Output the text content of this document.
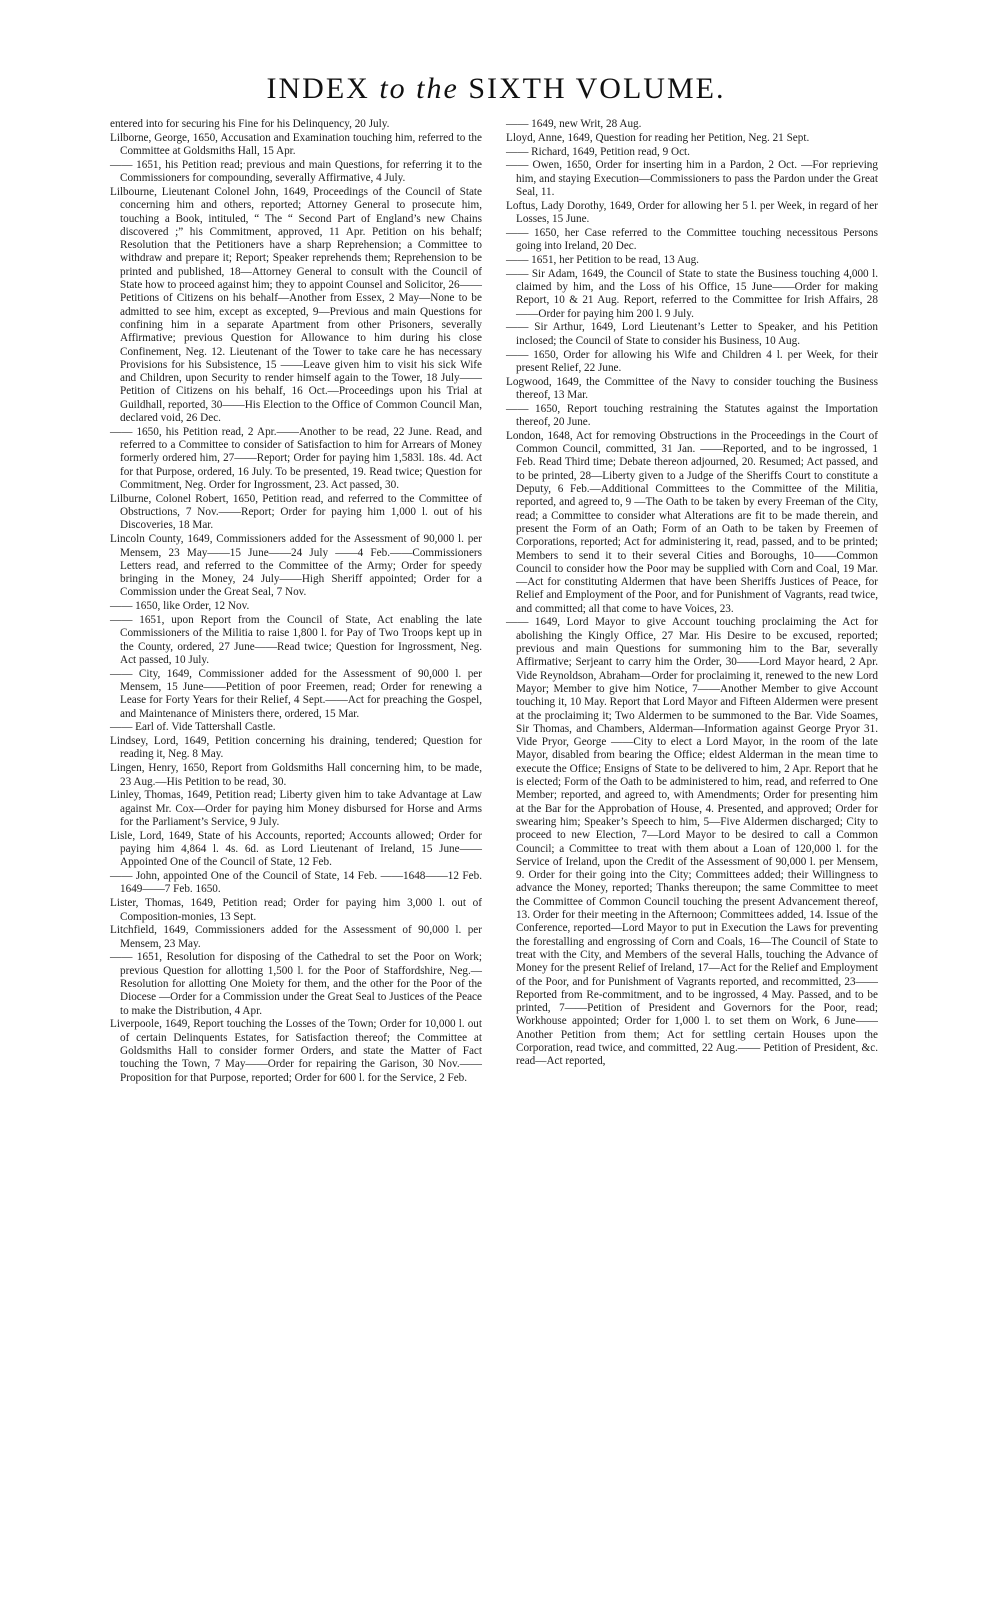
INDEX to the SIXTH VOLUME.

entered into for securing his Fine for his Delinquency, 20 July.

Lilborne, George, 1650, Accusation and Examination touching him, referred to the Committee at Goldsmiths Hall, 15 Apr.

—— 1651, his Petition read; previous and main Questions, for referring it to the Commissioners for compounding, severally Affirmative, 4 July.

Lilbourne, Lieutenant Colonel John, 1649, Proceedings of the Council of State concerning him and others, reported; Attorney General to prosecute him, touching a Book, intituled, “ The “ Second Part of England’s new Chains discovered ;” his Commitment, approved, 11 Apr. Petition on his behalf; Resolution that the Petitioners have a sharp Reprehension; a Committee to withdraw and prepare it; Report; Speaker reprehends them; Reprehension to be printed and published, 18—Attorney General to consult with the Council of State how to proceed against him; they to appoint Counsel and Solicitor, 26——Petitions of Citizens on his behalf—Another from Essex, 2 May—None to be admitted to see him, except as excepted, 9—Previous and main Questions for confining him in a separate Apartment from other Prisoners, severally Affirmative; previous Question for Allowance to him during his close Confinement, Neg. 12. Lieutenant of the Tower to take care he has necessary Provisions for his Subsistence, 15 ——Leave given him to visit his sick Wife and Children, upon Security to render himself again to the Tower, 18 July——Petition of Citizens on his behalf, 16 Oct.—Proceedings upon his Trial at Guildhall, reported, 30——His Election to the Office of Common Council Man, declared void, 26 Dec.

—— 1650, his Petition read, 2 Apr.——Another to be read, 22 June. Read, and referred to a Committee to consider of Satisfaction to him for Arrears of Money formerly ordered him, 27——Report; Order for paying him 1,583l. 18s. 4d. Act for that Purpose, ordered, 16 July. To be presented, 19. Read twice; Question for Commitment, Neg. Order for Ingrossment, 23. Act passed, 30.

Lilburne, Colonel Robert, 1650, Petition read, and referred to the Committee of Obstructions, 7 Nov.——Report; Order for paying him 1,000 l. out of his Discoveries, 18 Mar.

Lincoln County, 1649, Commissioners added for the Assessment of 90,000 l. per Mensem, 23 May——15 June——24 July ——4 Feb.——Commissioners Letters read, and referred to the Committee of the Army; Order for speedy bringing in the Money, 24 July——High Sheriff appointed; Order for a Commission under the Great Seal, 7 Nov.

—— 1650, like Order, 12 Nov.

—— 1651, upon Report from the Council of State, Act enabling the late Commissioners of the Militia to raise 1,800 l. for Pay of Two Troops kept up in the County, ordered, 27 June——Read twice; Question for Ingrossment, Neg. Act passed, 10 July.

—— City, 1649, Commissioner added for the Assessment of 90,000 l. per Mensem, 15 June——Petition of poor Freemen, read; Order for renewing a Lease for Forty Years for their Relief, 4 Sept.——Act for preaching the Gospel, and Maintenance of Ministers there, ordered, 15 Mar.

—— Earl of. Vide Tattershall Castle.

Lindsey, Lord, 1649, Petition concerning his draining, tendered; Question for reading it, Neg. 8 May.

Lingen, Henry, 1650, Report from Goldsmiths Hall concerning him, to be made, 23 Aug.—His Petition to be read, 30.

Linley, Thomas, 1649, Petition read; Liberty given him to take Advantage at Law against Mr. Cox—Order for paying him Money disbursed for Horse and Arms for the Parliament’s Service, 9 July.

Lisle, Lord, 1649, State of his Accounts, reported; Accounts allowed; Order for paying him 4,864 l. 4s. 6d. as Lord Lieutenant of Ireland, 15 June——Appointed One of the Council of State, 12 Feb.

—— John, appointed One of the Council of State, 14 Feb. ——1648——12 Feb. 1649——7 Feb. 1650.

Lister, Thomas, 1649, Petition read; Order for paying him 3,000 l. out of Composition-monies, 13 Sept.

Litchfield, 1649, Commissioners added for the Assessment of 90,000 l. per Mensem, 23 May.

—— 1651, Resolution for disposing of the Cathedral to set the Poor on Work; previous Question for allotting 1,500 l. for the Poor of Staffordshire, Neg.—Resolution for allotting One Moiety for them, and the other for the Poor of the Diocese —Order for a Commission under the Great Seal to Justices of the Peace to make the Distribution, 4 Apr.

Liverpoole, 1649, Report touching the Losses of the Town; Order for 10,000 l. out of certain Delinquents Estates, for Satisfaction thereof; the Committee at Goldsmiths Hall to consider former Orders, and state the Matter of Fact touching the Town, 7 May——Order for repairing the Garison, 30 Nov.——Proposition for that Purpose, reported; Order for 600 l. for the Service, 2 Feb.

—— 1649, new Writ, 28 Aug.

Lloyd, Anne, 1649, Question for reading her Petition, Neg. 21 Sept.

—— Richard, 1649, Petition read, 9 Oct.

—— Owen, 1650, Order for inserting him in a Pardon, 2 Oct. —For reprieving him, and staying Execution—Commissioners to pass the Pardon under the Great Seal, 11.

Loftus, Lady Dorothy, 1649, Order for allowing her 5 l. per Week, in regard of her Losses, 15 June.

—— 1650, her Case referred to the Committee touching necessitous Persons going into Ireland, 20 Dec.

—— 1651, her Petition to be read, 13 Aug.

—— Sir Adam, 1649, the Council of State to state the Business touching 4,000 l. claimed by him, and the Loss of his Office, 15 June——Order for making Report, 10 & 21 Aug. Report, referred to the Committee for Irish Affairs, 28——Order for paying him 200 l. 9 July.

—— Sir Arthur, 1649, Lord Lieutenant’s Letter to Speaker, and his Petition inclosed; the Council of State to consider his Business, 10 Aug.

—— 1650, Order for allowing his Wife and Children 4 l. per Week, for their present Relief, 22 June.

Logwood, 1649, the Committee of the Navy to consider touching the Business thereof, 13 Mar.

—— 1650, Report touching restraining the Statutes against the Importation thereof, 20 June.

London, 1648, Act for removing Obstructions in the Proceedings in the Court of Common Council, committed, 31 Jan. ——Reported, and to be ingrossed, 1 Feb. Read Third time; Debate thereon adjourned, 20. Resumed; Act passed, and to be printed, 28—Liberty given to a Judge of the Sheriffs Court to constitute a Deputy, 6 Feb.—Additional Committees to the Committee of the Militia, reported, and agreed to, 9 —The Oath to be taken by every Freeman of the City, read; a Committee to consider what Alterations are fit to be made therein, and present the Form of an Oath; Form of an Oath to be taken by Freemen of Corporations, reported; Act for administering it, read, passed, and to be printed; Members to send it to their several Cities and Boroughs, 10——Common Council to consider how the Poor may be supplied with Corn and Coal, 19 Mar.—Act for constituting Aldermen that have been Sheriffs Justices of Peace, for Relief and Employment of the Poor, and for Punishment of Vagrants, read twice, and committed; all that come to have Voices, 23.

—— 1649, Lord Mayor to give Account touching proclaiming the Act for abolishing the Kingly Office, 27 Mar. His Desire to be excused, reported; previous and main Questions for summoning him to the Bar, severally Affirmative; Serjeant to carry him the Order, 30——Lord Mayor heard, 2 Apr. Vide Reynoldson, Abraham—Order for proclaiming it, renewed to the new Lord Mayor; Member to give him Notice, 7——Another Member to give Account touching it, 10 May. Report that Lord Mayor and Fifteen Aldermen were present at the proclaiming it; Two Aldermen to be summoned to the Bar. Vide Soames, Sir Thomas, and Chambers, Alderman—Information against George Pryor 31. Vide Pryor, George ——City to elect a Lord Mayor, in the room of the late Mayor, disabled from bearing the Office; eldest Alderman in the mean time to execute the Office; Ensigns of State to be delivered to him, 2 Apr. Report that he is elected; Form of the Oath to be administered to him, read, and referred to One Member; reported, and agreed to, with Amendments; Order for presenting him at the Bar for the Approbation of House, 4. Presented, and approved; Order for swearing him; Speaker’s Speech to him, 5—Five Aldermen discharged; City to proceed to new Election, 7—Lord Mayor to be desired to call a Common Council; a Committee to treat with them about a Loan of 120,000 l. for the Service of Ireland, upon the Credit of the Assessment of 90,000 l. per Mensem, 9. Order for their going into the City; Committees added; their Willingness to advance the Money, reported; Thanks thereupon; the same Committee to meet the Committee of Common Council touching the present Advancement thereof, 13. Order for their meeting in the Afternoon; Committees added, 14. Issue of the Conference, reported—Lord Mayor to put in Execution the Laws for preventing the forestalling and engrossing of Corn and Coals, 16—The Council of State to treat with the City, and Members of the several Halls, touching the Advance of Money for the present Relief of Ireland, 17—Act for the Relief and Employment of the Poor, and for Punishment of Vagrants reported, and recommitted, 23——Reported from Re-commitment, and to be ingrossed, 4 May. Passed, and to be printed, 7——Petition of President and Governors for the Poor, read; Workhouse appointed; Order for 1,000 l. to set them on Work, 6 June——Another Petition from them; Act for settling certain Houses upon the Corporation, read twice, and committed, 22 Aug.—— Petition of President, &c. read—Act reported,
